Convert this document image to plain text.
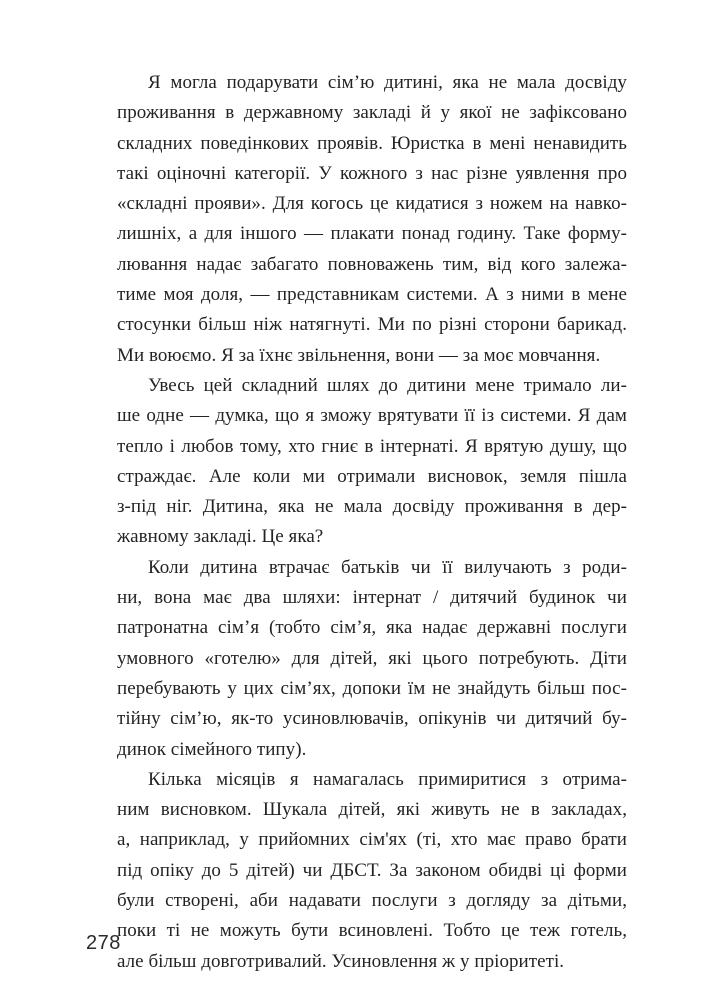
Я могла подарувати сім’ю дитині, яка не мала досвіду
проживання в державному закладі й у якої не зафіксовано
складних поведінкових проявів. Юристка в мені ненавидить
такі оціночні категорії. У кожного з нас різне уявлення про
«складні прояви». Для когось це кидатися з ножем на навко-
лишніх, а для іншого — плакати понад годину. Таке форму-
лювання надає забагато повноважень тим, від кого залежа-
тиме моя доля, — представникам системи. А з ними в мене
стосунки більш ніж натягнуті. Ми по різні сторони барикад.
Ми воюємо. Я за їхнє звільнення, вони — за моє мовчання.
Увесь цей складний шлях до дитини мене тримало ли-
ше одне — думка, що я зможу врятувати її із системи. Я дам
тепло і любов тому, хто гниє в інтернаті. Я врятую душу, що
страждає. Але коли ми отримали висновок, земля пішла
з-під ніг. Дитина, яка не мала досвіду проживання в дер-
жавному закладі. Це яка?
Коли дитина втрачає батьків чи її вилучають з роди-
ни, вона має два шляхи: інтернат / дитячий будинок чи
патронатна сім’я (тобто сім’я, яка надає державні послуги
умовного «готелю» для дітей, які цього потребують. Діти
перебувають у цих сім’ях, допоки їм не знайдуть більш пос-
тійну сім’ю, як-то усиновлювачів, опікунів чи дитячий бу-
динок сімейного типу).
Кілька місяців я намагалась примиритися з отрима-
ним висновком. Шукала дітей, які живуть не в закладах,
а, наприклад, у прийомних сім'ях (ті, хто має право брати
під опіку до 5 дітей) чи ДБСТ. За законом обидві ці форми
були створені, аби надавати послуги з догляду за дітьми,
поки ті не можуть бути всиновлені. Тобто це теж готель,
але більш довготривалий. Усиновлення ж у пріоритеті.
278
